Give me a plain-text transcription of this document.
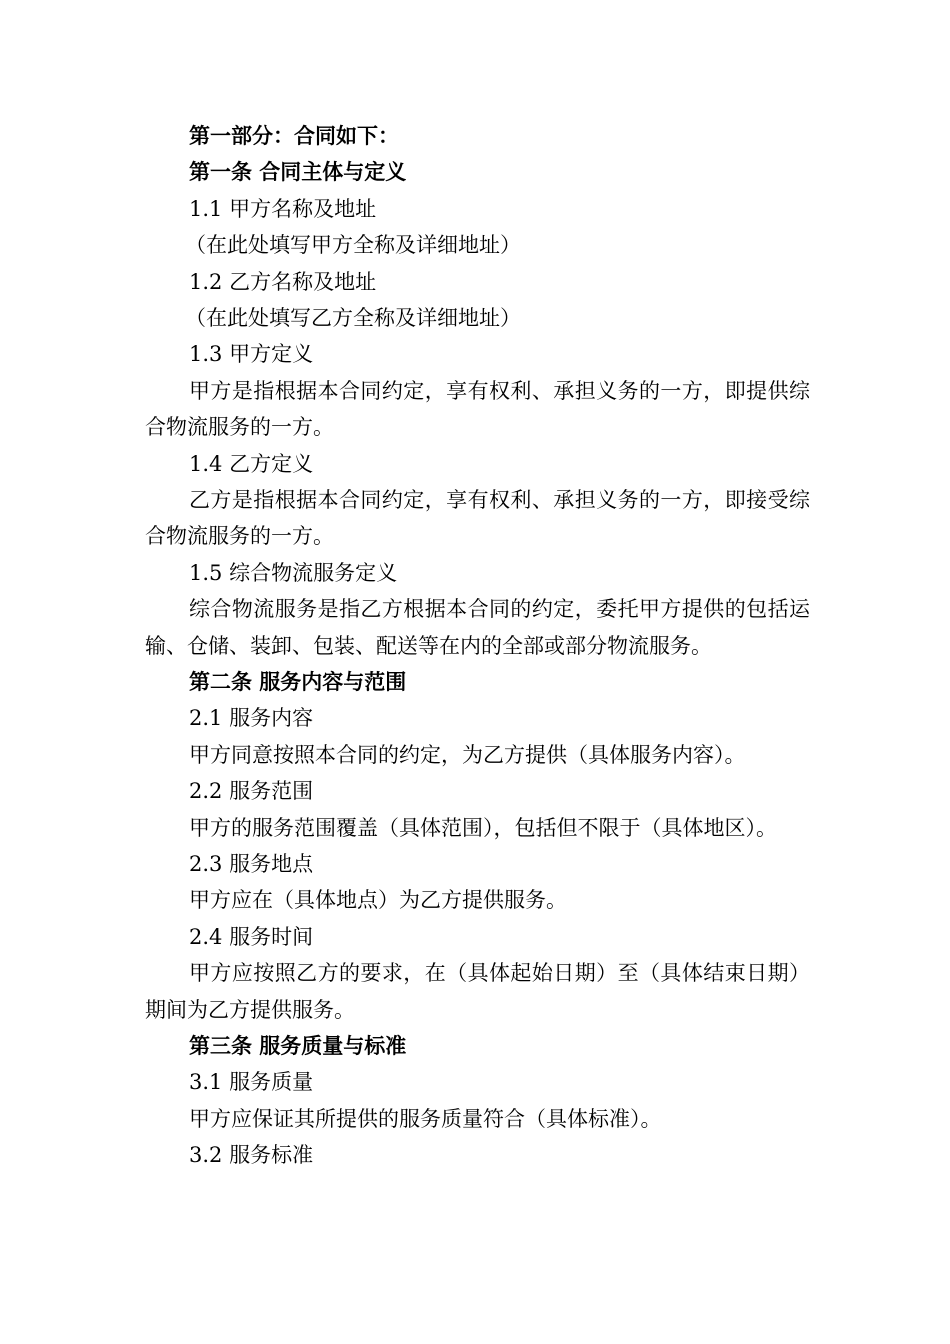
第一部分：合同如下：
第一条 合同主体与定义
1.1 甲方名称及地址
（在此处填写甲方全称及详细地址）
1.2 乙方名称及地址
（在此处填写乙方全称及详细地址）
1.3 甲方定义
甲方是指根据本合同约定，享有权利、承担义务的一方，即提供综合物流服务的一方。
1.4 乙方定义
乙方是指根据本合同约定，享有权利、承担义务的一方，即接受综合物流服务的一方。
1.5 综合物流服务定义
综合物流服务是指乙方根据本合同的约定，委托甲方提供的包括运输、仓储、装卸、包装、配送等在内的全部或部分物流服务。
第二条 服务内容与范围
2.1 服务内容
甲方同意按照本合同的约定，为乙方提供（具体服务内容）。
2.2 服务范围
甲方的服务范围覆盖（具体范围），包括但不限于（具体地区）。
2.3 服务地点
甲方应在（具体地点）为乙方提供服务。
2.4 服务时间
甲方应按照乙方的要求，在（具体起始日期）至（具体结束日期）期间为乙方提供服务。
第三条 服务质量与标准
3.1 服务质量
甲方应保证其所提供的服务质量符合（具体标准）。
3.2 服务标准
